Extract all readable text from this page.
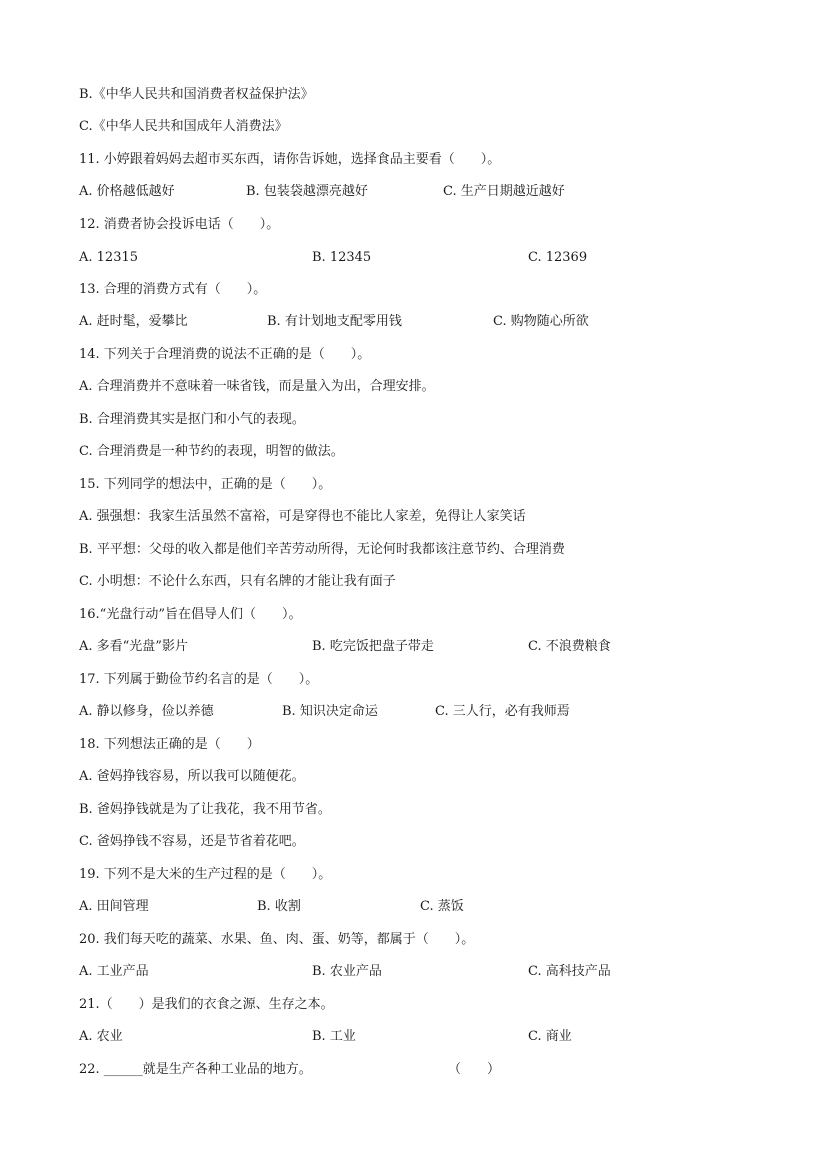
B.《中华人民共和国消费者权益保护法》
C.《中华人民共和国成年人消费法》
11. 小婷跟着妈妈去超市买东西，请你告诉她，选择食品主要看（　　）。
A. 价格越低越好	B. 包装袋越漂亮越好	C. 生产日期越近越好
12. 消费者协会投诉电话（　　）。
A. 12315	B. 12345	C. 12369
13. 合理的消费方式有（　　）。
A. 赶时髦，爱攀比	B. 有计划地支配零用钱	C. 购物随心所欲
14. 下列关于合理消费的说法不正确的是（　　）。
A. 合理消费并不意味着一味省钱，而是量入为出，合理安排。
B. 合理消费其实是抠门和小气的表现。
C. 合理消费是一种节约的表现，明智的做法。
15. 下列同学的想法中，正确的是（　　）。
A. 强强想：我家生活虽然不富裕，可是穿得也不能比人家差，免得让人家笑话
B. 平平想：父母的收入都是他们辛苦劳动所得，无论何时我都该注意节约、合理消费
C. 小明想：不论什么东西，只有名牌的才能让我有面子
16.“光盘行动”旨在倡导人们（　　）。
A. 多看“光盘”影片	B. 吃完饭把盘子带走	C. 不浪费粮食
17. 下列属于勤俭节约名言的是（　　）。
A. 静以修身，俭以养德	B. 知识决定命运	C. 三人行，必有我师焉
18. 下列想法正确的是（　　）
A. 爸妈挣钱容易，所以我可以随便花。
B. 爸妈挣钱就是为了让我花，我不用节省。
C. 爸妈挣钱不容易，还是节省着花吧。
19. 下列不是大米的生产过程的是（　　）。
A. 田间管理	B. 收割	C. 蒸饭
20. 我们每天吃的蔬菜、水果、鱼、肉、蛋、奶等，都属于（　　）。
A. 工业产品	B. 农业产品	C. 高科技产品
21.（　　）是我们的衣食之源、生存之本。
A. 农业	B. 工业	C. 商业
22. ______就是生产各种工业品的地方。	（　　）
